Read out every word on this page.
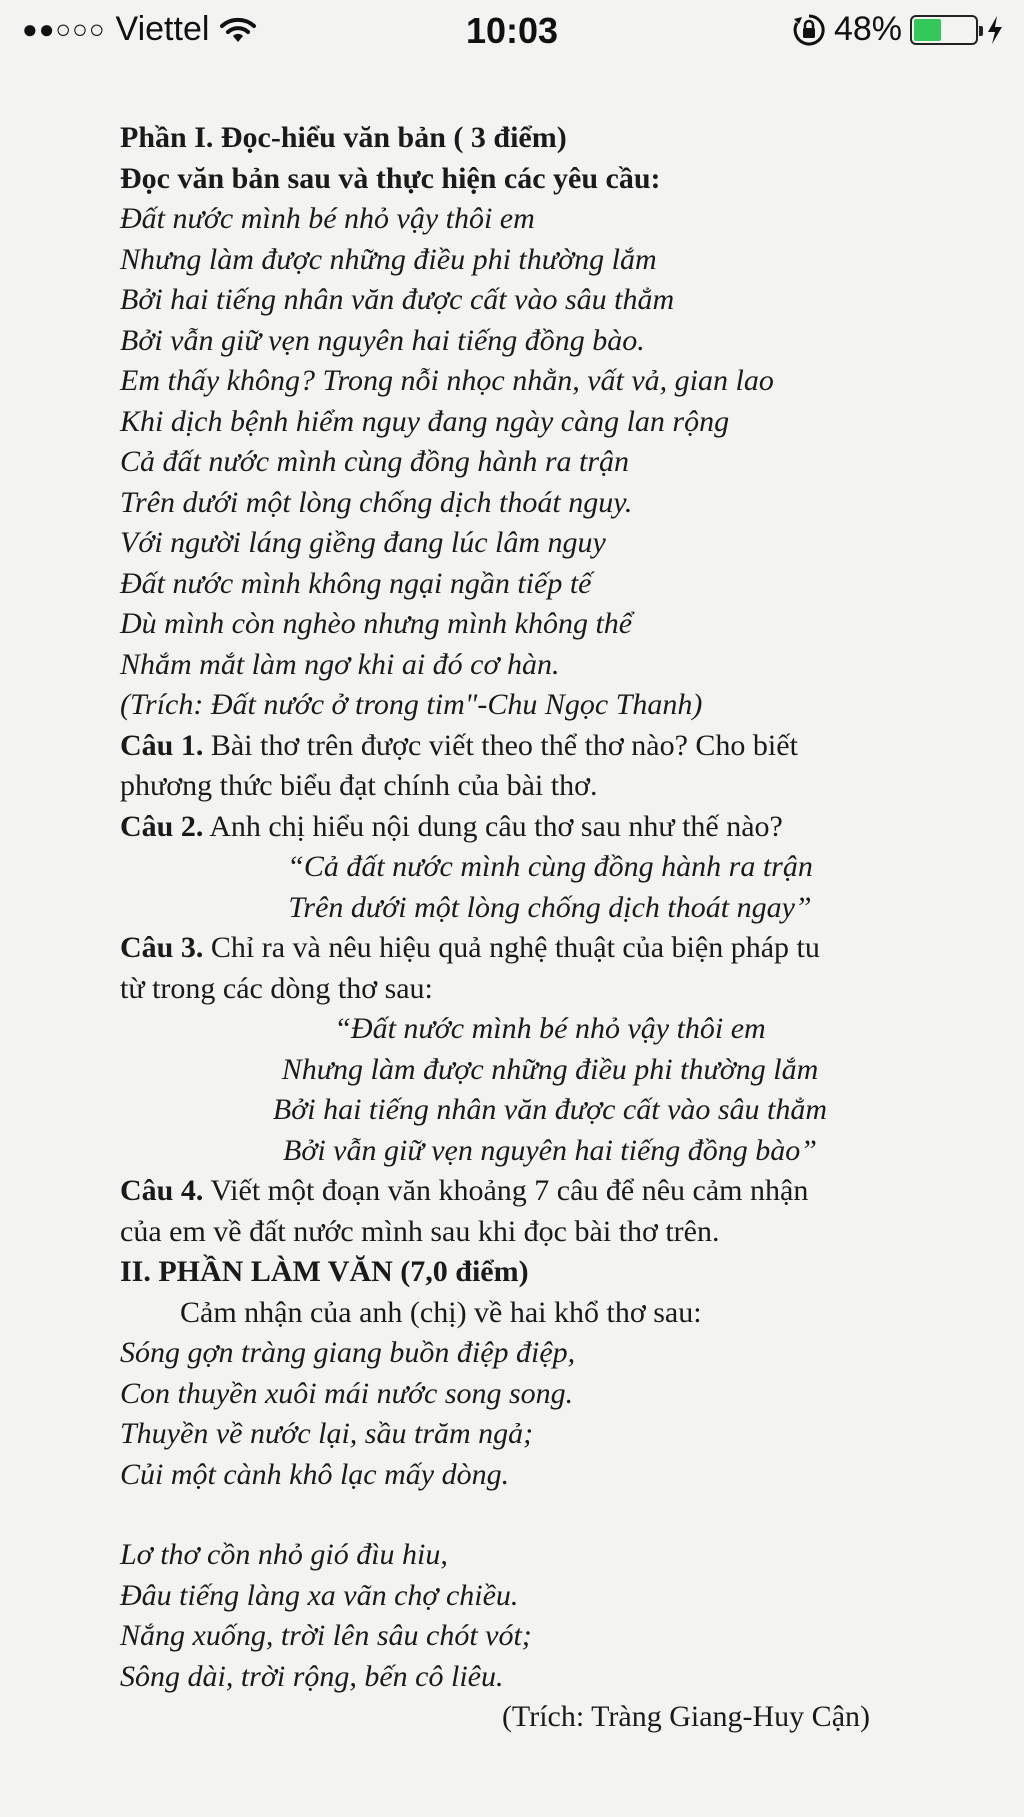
●●○○○ Viettel	10:03	48%
Phần I. Đọc-hiểu văn bản ( 3 điểm)
Đọc văn bản sau và thực hiện các yêu cầu:
Đất nước mình bé nhỏ vậy thôi em
Nhưng làm được những điều phi thường lắm
Bởi hai tiếng nhân văn được cất vào sâu thẳm
Bởi vẫn giữ vẹn nguyên hai tiếng đồng bào.
Em thấy không? Trong nỗi nhọc nhằn, vất vả, gian lao
Khi dịch bệnh hiểm nguy đang ngày càng lan rộng
Cả đất nước mình cùng đồng hành ra trận
Trên dưới một lòng chống dịch thoát nguy.
Với người láng giềng đang lúc lâm nguy
Đất nước mình không ngại ngần tiếp tế
Dù mình còn nghèo nhưng mình không thể
Nhắm mắt làm ngơ khi ai đó cơ hàn.
(Trích: Đất nước ở trong tim"-Chu Ngọc Thanh)
Câu 1. Bài thơ trên được viết theo thể thơ nào? Cho biết
phương thức biểu đạt chính của bài thơ.
Câu 2. Anh chị hiểu nội dung câu thơ sau như thế nào?
“Cả đất nước mình cùng đồng hành ra trận
Trên dưới một lòng chống dịch thoát ngay”
Câu 3. Chỉ ra và nêu hiệu quả nghệ thuật của biện pháp tu
từ trong các dòng thơ sau:
“Đất nước mình bé nhỏ vậy thôi em
Nhưng làm được những điều phi thường lắm
Bởi hai tiếng nhân văn được cất vào sâu thẳm
Bởi vẫn giữ vẹn nguyên hai tiếng đồng bào”
Câu 4. Viết một đoạn văn khoảng 7 câu để nêu cảm nhận
của em về đất nước mình sau khi đọc bài thơ trên.
II. PHẦN LÀM VĂN (7,0 điểm)
Cảm nhận của anh (chị) về hai khổ thơ sau:
Sóng gợn tràng giang buồn điệp điệp,
Con thuyền xuôi mái nước song song.
Thuyền về nước lại, sầu trăm ngả;
Củi một cành khô lạc mấy dòng.
Lơ thơ cồn nhỏ gió đìu hiu,
Đâu tiếng làng xa vãn chợ chiều.
Nắng xuống, trời lên sâu chót vót;
Sông dài, trời rộng, bến cô liêu.
(Trích: Tràng Giang-Huy Cận)
